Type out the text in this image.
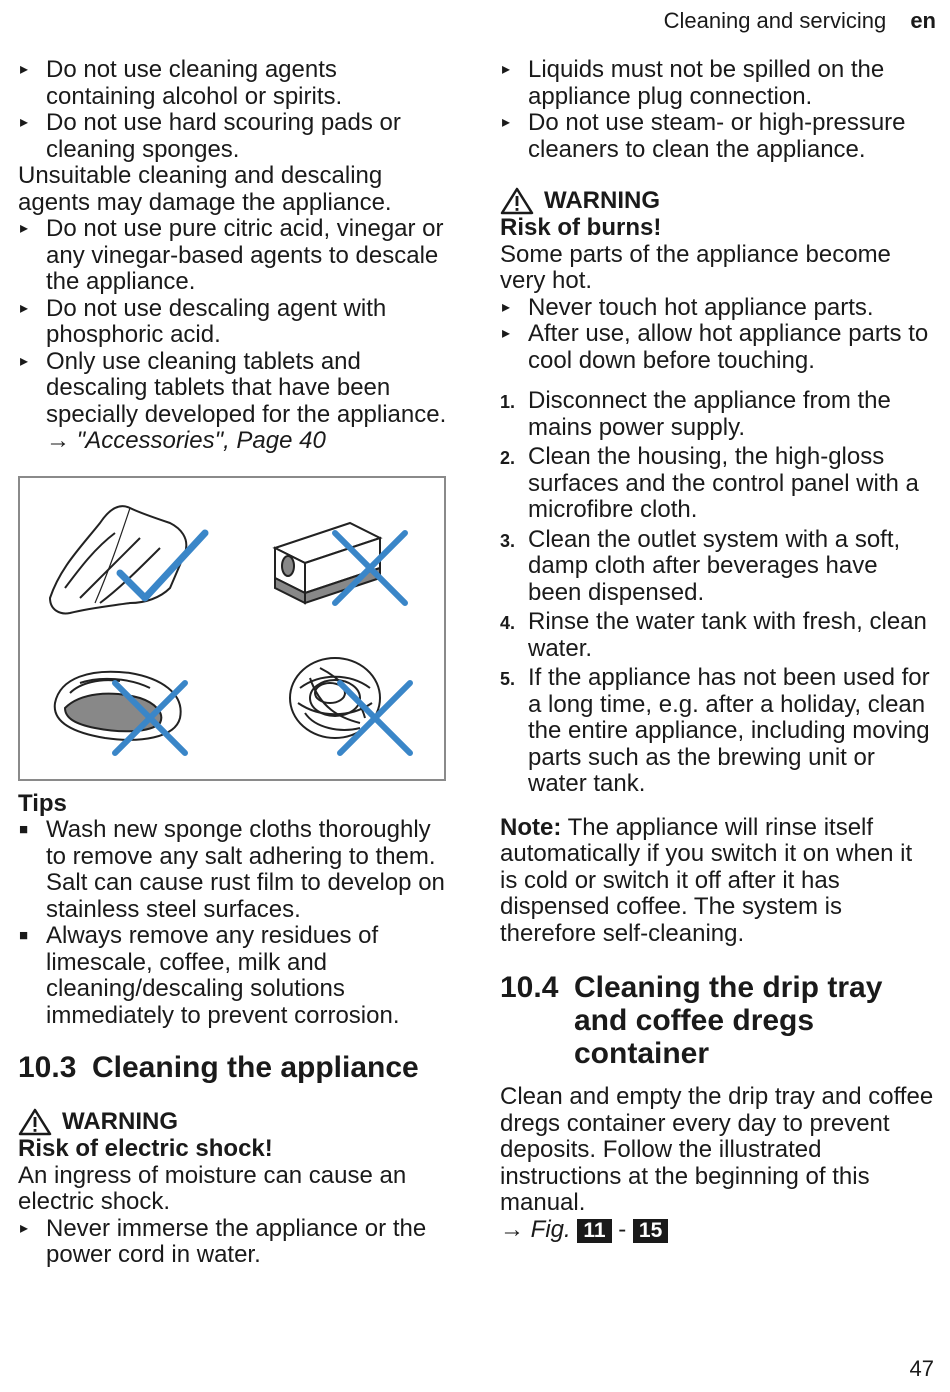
Cleaning and servicing en
▸ Do not use cleaning agents containing alcohol or spirits.
▸ Do not use hard scouring pads or cleaning sponges.

Unsuitable cleaning and descaling agents may damage the appliance.

▸ Do not use pure citric acid, vinegar or any vinegar-based agents to descale the appliance.
▸ Do not use descaling agent with phosphoric acid.
▸ Only use cleaning tablets and descaling tablets that have been specially developed for the appliance.
→ "Accessories", Page 40
Tips
■ Wash new sponge cloths thoroughly to remove any salt adhering to them. Salt can cause rust film to develop on stainless steel surfaces.
■ Always remove any residues of limescale, coffee, milk and cleaning/descaling solutions immediately to prevent corrosion.
10.3 Cleaning the appliance
WARNING
Risk of electric shock!

An ingress of moisture can cause an electric shock.

▸ Never immerse the appliance or the power cord in water.
▸ Liquids must not be spilled on the appliance plug connection.
▸ Do not use steam- or high-pressure cleaners to clean the appliance.
WARNING
Risk of burns!

Some parts of the appliance become very hot.

▸ Never touch hot appliance parts.
▸ After use, allow hot appliance parts to cool down before touching.
1. Disconnect the appliance from the mains power supply.
2. Clean the housing, the high-gloss surfaces and the control panel with a microfibre cloth.
3. Clean the outlet system with a soft, damp cloth after beverages have been dispensed.
4. Rinse the water tank with fresh, clean water.
5. If the appliance has not been used for a long time, e.g. after a holiday, clean the entire appliance, including moving parts such as the brewing unit or water tank.

Note: The appliance will rinse itself automatically if you switch it on when it is cold or switch it off after it has dispensed coffee. The system is therefore self-cleaning.

10.4 Cleaning the drip tray and coffee dregs container

Clean and empty the drip tray and coffee dregs container every day to prevent deposits. Follow the illustrated instructions at the beginning of this manual.

→ Fig. 11 - 15

47
